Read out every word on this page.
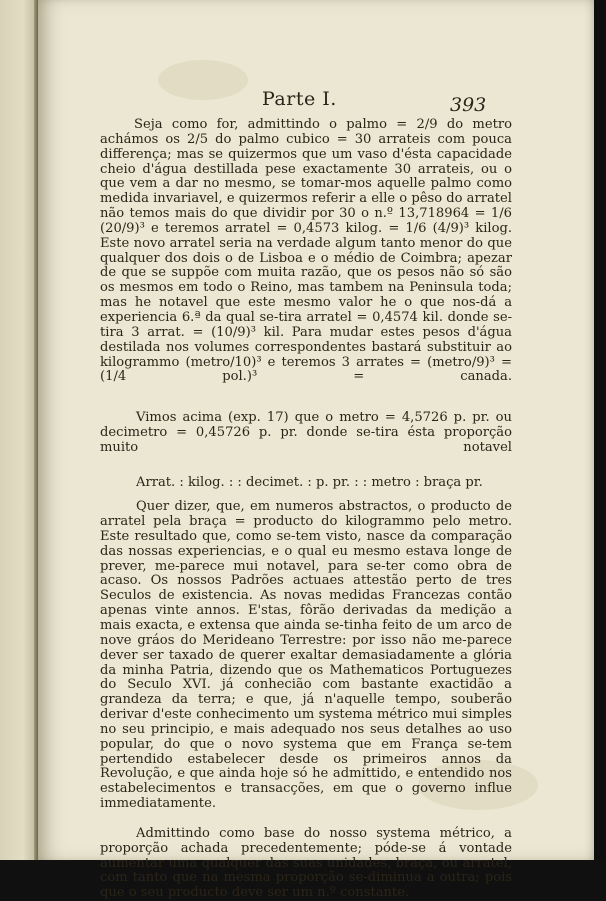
Parte I.	393

Seja como for, admittindo o palmo = 2/9 do metro achámos os 2/5 do palmo cubico = 30 arrateis com pouca differença; mas se quizermos que um vaso d'ésta capacidade cheio d'água destillada pese exactamente 30 arrateis, ou o que vem a dar no mesmo, se tomar-mos aquelle palmo como medida invariavel, e quizermos referir a elle o pêso do arratel não temos mais do que dividir por 30 o n.º 13,718964 = 1/6 (20/9)³ e teremos arratel = 0,4573 kilog. = 1/6 (4/9)³ kilog. Este novo arratel seria na verdade algum tanto menor do que qualquer dos dois o de Lisboa e o médio de Coimbra; apezar de que se suppõe com muita razão, que os pesos não só são os mesmos em todo o Reino, mas tambem na Peninsula toda; mas he notavel que este mesmo valor he o que nos-dá a experiencia 6.ª da qual se-tira arratel = 0,4574 kil. donde se-tira 3 arrat. = (10/9)³ kil. Para mudar estes pesos d'água destilada nos volumes correspondentes bastará substituir ao kilogrammo (metro/10)³ e teremos 3 arrates = (metro/9)³ = (1/4 pol.)³ = canada.

Vimos acima (exp. 17) que o metro = 4,5726 p. pr. ou decimetro = 0,45726 p. pr. donde se-tira ésta proporção muito notavel

Arrat. : kilog. : : decimet. : p. pr. : : metro : braça pr.

Quer dizer, que, em numeros abstractos, o producto de arratel pela braça = producto do kilogrammo pelo metro. Este resultado que, como se-tem visto, nasce da comparação das nossas experiencias, e o qual eu mesmo estava longe de prever, me-parece mui notavel, para se-ter como obra de acaso. Os nossos Padrões actuaes attestão perto de tres Seculos de existencia. As novas medidas Francezas contão apenas vinte annos. E'stas, fôrão derivadas da medição a mais exacta, e extensa que ainda se-tinha feito de um arco de nove gráos do Merideano Terrestre: por isso não me-parece dever ser taxado de querer exaltar demasiadamente a glória da minha Patria, dizendo que os Mathematicos Portuguezes do Seculo XVI. já conhecião com bastante exactidão a grandeza da terra; e que, já n'aquelle tempo, souberão derivar d'este conhecimento um systema métrico mui simples no seu principio, e mais adequado nos seus detalhes ao uso popular, do que o novo systema que em França se-tem pertendido estabelecer desde os primeiros annos da Revolução, e que ainda hoje só he admittido, e entendido nos estabelecimentos e transacções, em que o governo influe immediatamente.

Admittindo como base do nosso systema métrico, a proporção achada precedentemente; póde-se á vontade aumentar uma qualquer das suas unidades, braça, ou arratel, com tanto que na mesma proporção se-diminua a outra; pois que o seu producto deve ser um n.º constante.
